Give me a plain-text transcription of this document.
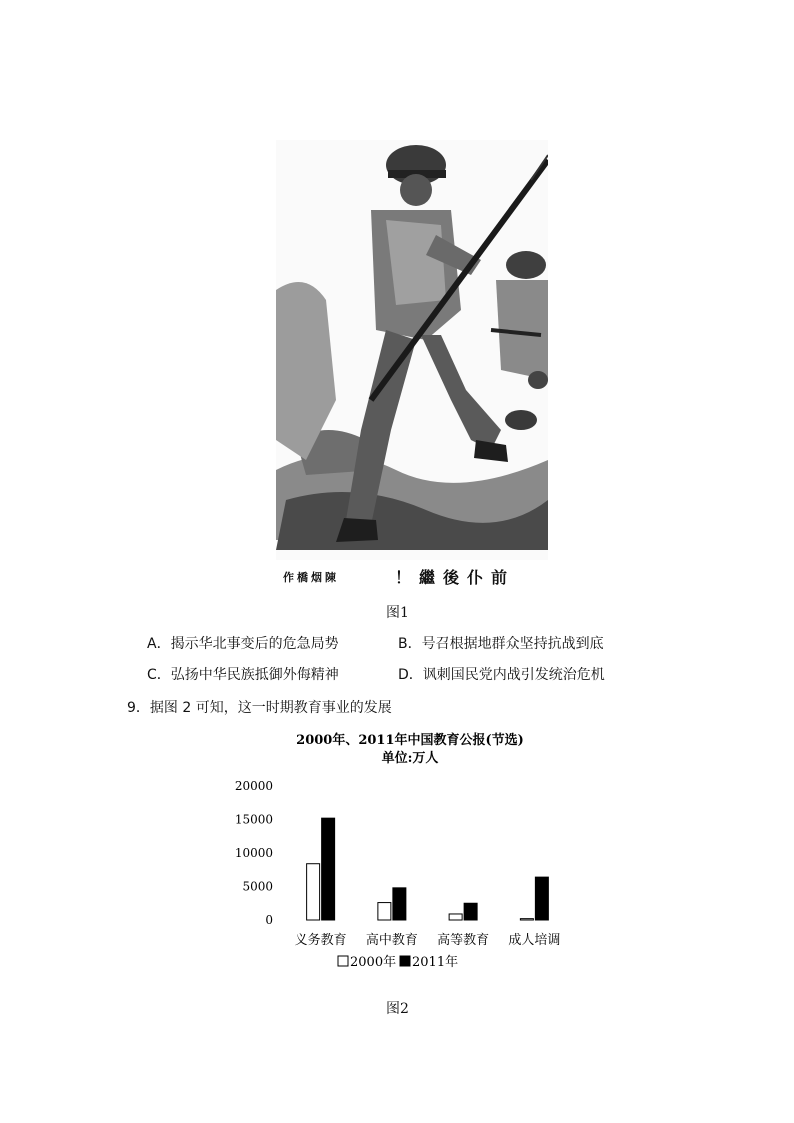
作橋烟陳	！繼後仆前
图1
A．揭示华北事变后的危急局势	B．号召根据地群众坚持抗战到底
C．弘扬中华民族抵御外侮精神	D．讽刺国民党内战引发统治危机
9．据图 2 可知，这一时期教育事业的发展
2000年、2011年中国教育公报(节选)
单位:万人
20000
15000
10000
5000
0
义务教育 高中教育 高等教育 成人培调
2000年 2011年
图2
